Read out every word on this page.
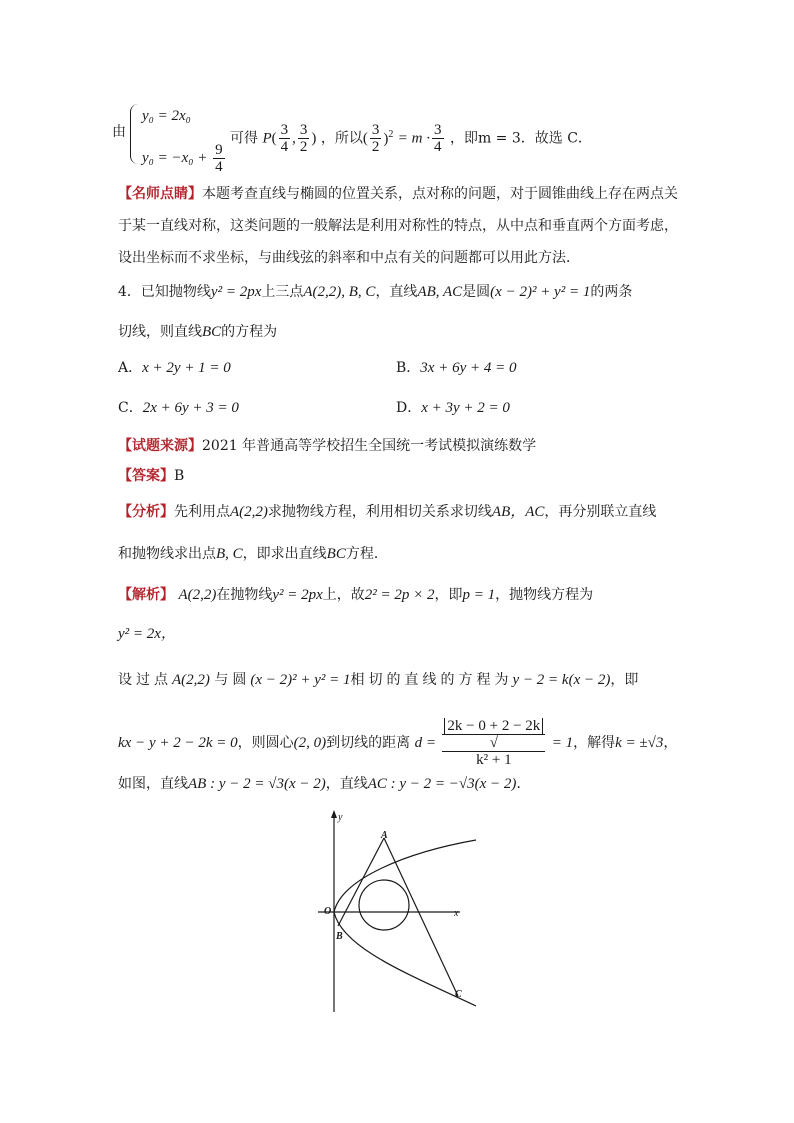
由
y₀ = 2x₀
$y_0 = -x_0 + \frac{9}{4}$
可得 $P( \frac{3}{4}$ , $\frac{3}{2}$ ) ，所以( $\frac{3}{2} )^2 = m \cdot \frac{3}{4}$ ，即m = 3．故选 C．
【名师点睛】本题考查直线与椭圆的位置关系，点对称的问题，对于圆锥曲线上存在两点关
于某一直线对称，这类问题的一般解法是利用对称性的特点，从中点和垂直两个方面考虑，
设出坐标而不求坐标，与曲线弦的斜率和中点有关的问题都可以用此方法．
4．已知抛物线y² = 2px上三点A(2,2), B, C，直线AB, AC是圆(x − 2)² + y² = 1的两条
切线，则直线BC的方程为
A．x + 2y + 1 = 0	B．3x + 6y + 4 = 0
C．2x + 6y + 3 = 0	D．x + 3y + 2 = 0
【试题来源】2021 年普通高等学校招生全国统一考试模拟演练数学
【答案】B
【分析】先利用点A(2,2)求抛物线方程，利用相切关系求切线AB，AC，再分别联立直线
和抛物线求出点B, C，即求出直线BC方程．
【解析】 A(2,2)在抛物线y² = 2px上，故2² = 2p × 2，即p = 1，抛物线方程为
y² = 2x，
设过点A(2,2) 与圆(x − 2)² + y² = 1相切的直线的方程为y − 2 = k(x − 2)，即
kx − y + 2 − 2k = 0，则圆心(2, 0)到切线的距离 d = 2k − 0 + 2 − 2k
√
k² + 1 = 1，解得k = ±√3，
如图，直线AB : y − 2 = √3(x − 2)，直线AC : y − 2 = −√3(x − 2)．
y
x
O
A
B
C
